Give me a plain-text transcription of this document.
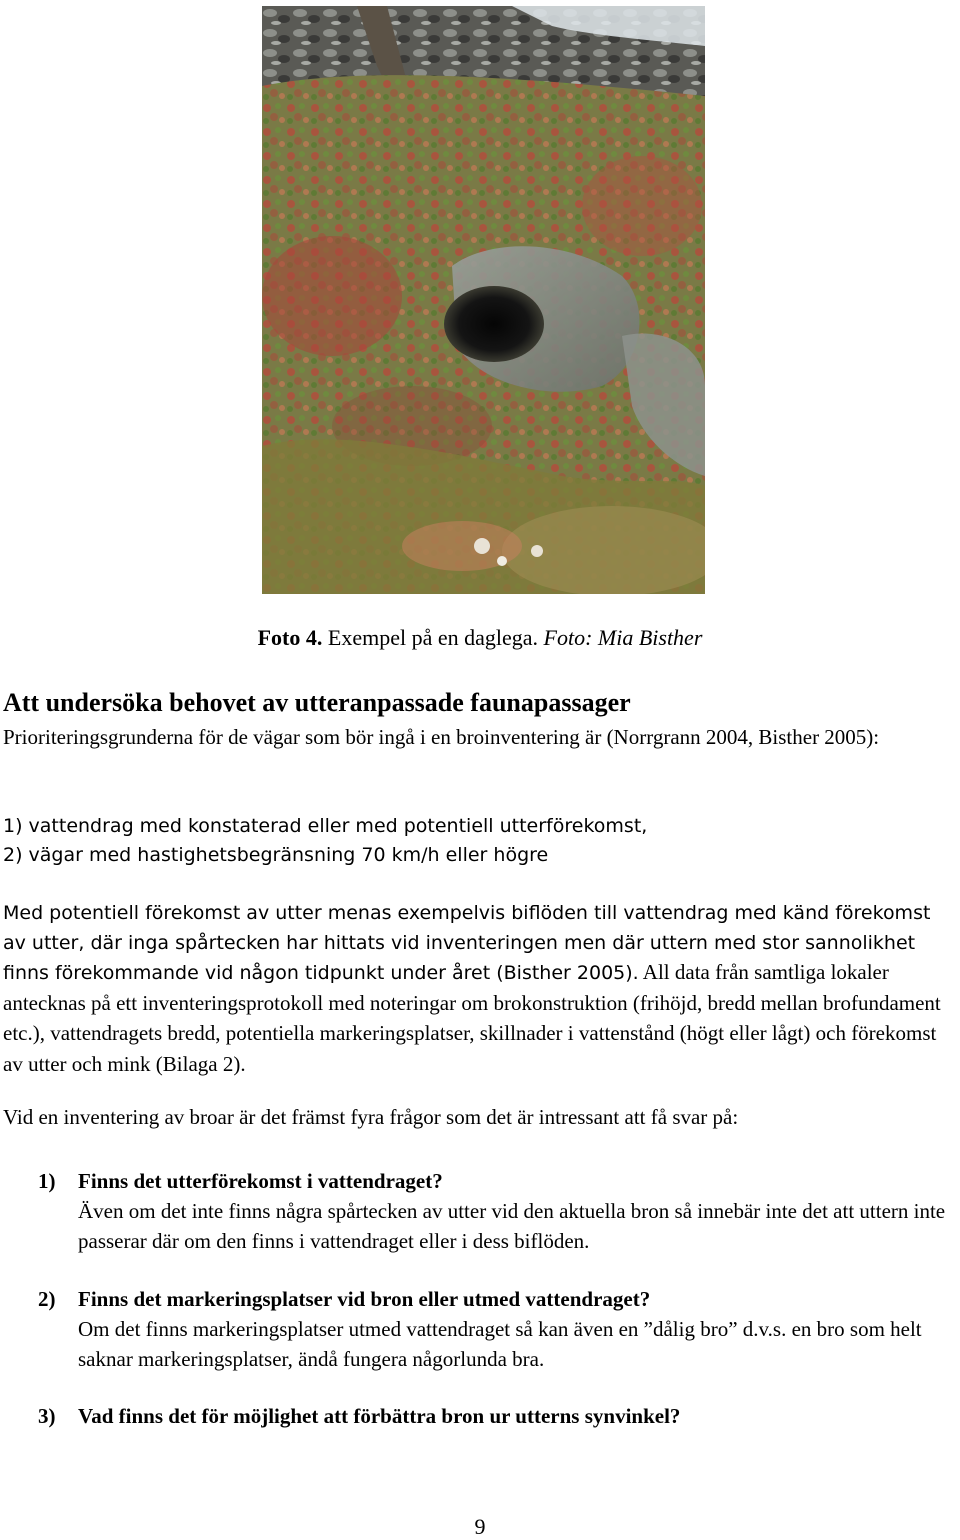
Foto 4. Exempel på en daglega. Foto: Mia Bisther
Att undersöka behovet av utteranpassade faunapassager

Prioriteringsgrunderna för de vägar som bör ingå i en broinventering är (Norrgrann 2004, Bisther 2005):

1) vattendrag med konstaterad eller med potentiell utterförekomst,
2) vägar med hastighetsbegränsning 70 km/h eller högre

Med potentiell förekomst av utter menas exempelvis biflöden till vattendrag med känd förekomst av utter, där inga spårtecken har hittats vid inventeringen men där uttern med stor sannolikhet finns förekommande vid någon tidpunkt under året (Bisther 2005). All data från samtliga lokaler antecknas på ett inventeringsprotokoll med noteringar om brokonstruktion (frihöjd, bredd mellan brofundament etc.), vattendragets bredd, potentiella markeringsplatser, skillnader i vattenstånd (högt eller lågt) och förekomst av utter och mink (Bilaga 2).

Vid en inventering av broar är det främst fyra frågor som det är intressant att få svar på:

1) Finns det utterförekomst i vattendraget?
Även om det inte finns några spårtecken av utter vid den aktuella bron så innebär inte det att uttern inte passerar där om den finns i vattendraget eller i dess biflöden.
2) Finns det markeringsplatser vid bron eller utmed vattendraget?
Om det finns markeringsplatser utmed vattendraget så kan även en ”dålig bro” d.v.s. en bro som helt saknar markeringsplatser, ändå fungera någorlunda bra.
3) Vad finns det för möjlighet att förbättra bron ur utterns synvinkel?
9
